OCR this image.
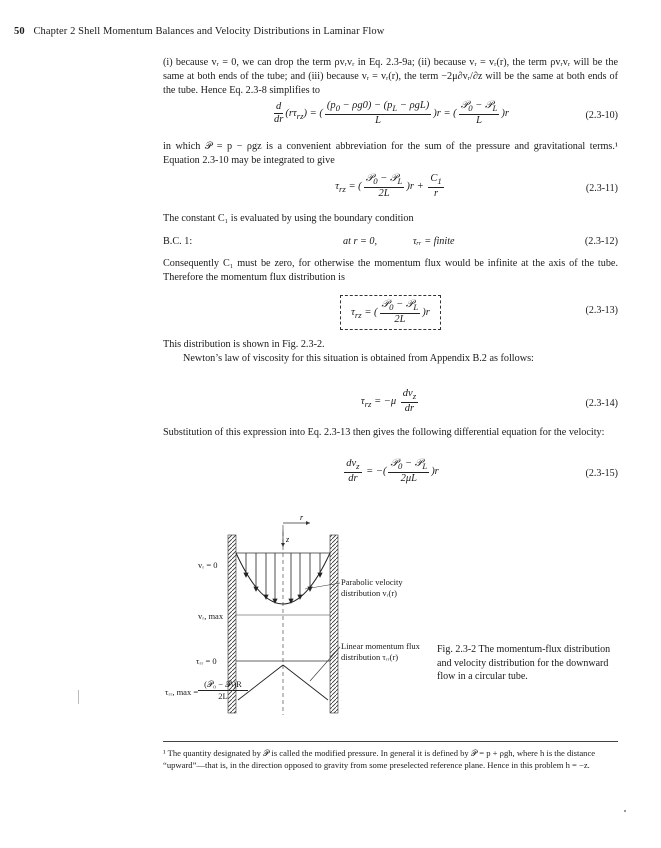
50 Chapter 2 Shell Momentum Balances and Velocity Distributions in Laminar Flow
(i) because vᵣ = 0, we can drop the term ρvᵣvᵣ in Eq. 2.3-9a; (ii) because vᵣ = vᵣ(r), the term ρvᵣvᵣ will be the same at both ends of the tube; and (iii) because vᵣ = vᵣ(r), the term −2μ∂vᵣ/∂z will be the same at both ends of the tube. Hence Eq. 2.3-8 simplifies to
$\frac{d}{dr} (r\tau_{rz})$ = ( $\frac{(p_0 - \rho g0) - (p_L - \rho gL)}{L} )r$ = ( $\frac{𝒫_0 - 𝒫_L}{L} )r$	(2.3-10)
in which 𝒫 = p − ρgz is a convenient abbreviation for the sum of the pressure and gravitational terms.¹ Equation 2.3-10 may be integrated to give
$\tau_{rz}$ = ( $\frac{𝒫_0 - 𝒫_L}{2L} )r + \frac{C_1}{r}$	(2.3-11)
The constant C₁ is evaluated by using the boundary condition
B.C. 1:	at r = 0,	τᵣᵣ = finite	(2.3-12)
Consequently C₁ must be zero, for otherwise the momentum flux would be infinite at the axis of the tube. Therefore the momentum flux distribution is
$\tau_{rz}$ = ( $\frac{𝒫_0 - 𝒫_L}{2L} )r$	(2.3-13)
This distribution is shown in Fig. 2.3-2.
Newton’s law of viscosity for this situation is obtained from Appendix B.2 as follows:
$\tau_{rz} = -\mu \frac{dv_z}{dr}$	(2.3-14)
Substitution of this expression into Eq. 2.3-13 then gives the following differential equation for the velocity:
$\frac{dv_z}{dr}$ = −( $\frac{𝒫_0 - 𝒫_L}{2\mu L} )r$	(2.3-15)
r
z
vᵣ = 0
vᵣ, max
τᵣᵣ = 0
τᵣᵣ, max =
(𝒫₀ − 𝒫ₗ)R
2L
Parabolic velocity distribution vᵣ(r)
Linear momentum flux distribution τᵣᵣ(r)
Fig. 2.3-2 The momentum-flux distribution and velocity distribution for the downward flow in a circular tube.
¹ The quantity designated by 𝒫 is called the modified pressure. In general it is defined by 𝒫 = p + ρgh, where h is the distance “upward”—that is, in the direction opposed to gravity from some preselected reference plane. Hence in this problem h = −z.
